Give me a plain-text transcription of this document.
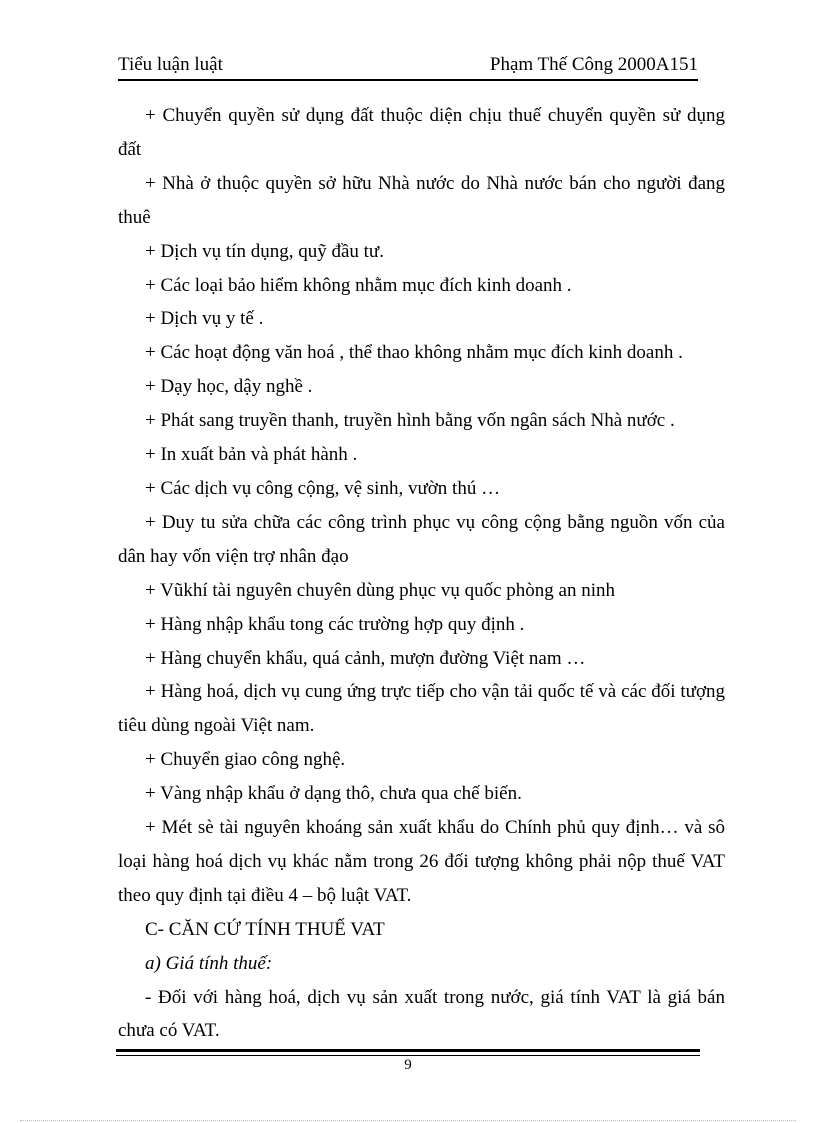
Tiểu luận luật	Phạm Thế Công 2000A151

+ Chuyển quyền sử dụng đất thuộc diện chịu thuế chuyển quyền sử dụng đất

+ Nhà ở thuộc quyền sở hữu Nhà nước do Nhà nước bán cho người đang thuê

+ Dịch vụ tín dụng, quỹ đầu tư.

+ Các loại bảo hiểm không nhằm mục đích kinh doanh .

+ Dịch vụ y tế .

+ Các hoạt động văn hoá , thể thao không nhằm mục đích kinh doanh .

+ Dạy học, dậy nghề .

+ Phát sang truyền thanh, truyền hình bằng vốn ngân sách Nhà nước .

+ In xuất bản và phát hành .

+ Các dịch vụ công cộng, vệ sinh, vườn thú …

+ Duy tu sửa chữa các công trình phục vụ công cộng bằng nguồn vốn của dân hay vốn viện trợ nhân đạo

+ Vũkhí tài nguyên chuyên dùng phục vụ quốc phòng an ninh

+ Hàng nhập khẩu tong các trường hợp quy định .

+ Hàng chuyển khẩu, quá cảnh, mượn đường Việt nam …

+ Hàng hoá, dịch vụ cung ứng trực tiếp cho vận tải quốc tế và các đối tượng tiêu dùng ngoài Việt nam.

+ Chuyển giao công nghệ.

+ Vàng nhập khẩu ở dạng thô, chưa qua chế biến.

+ Mét sè tài nguyên khoáng sản xuất khẩu do Chính phủ quy định… và sô loại hàng hoá dịch vụ khác nằm trong 26 đối tượng không phải nộp thuế VAT theo quy định tại điều 4 – bộ luật VAT.

C- CĂN CỨ TÍNH THUẾ VAT

a) Giá tính thuế:

- Đối với hàng hoá, dịch vụ sản xuất trong nước, giá tính VAT là giá bán chưa có VAT.

9
